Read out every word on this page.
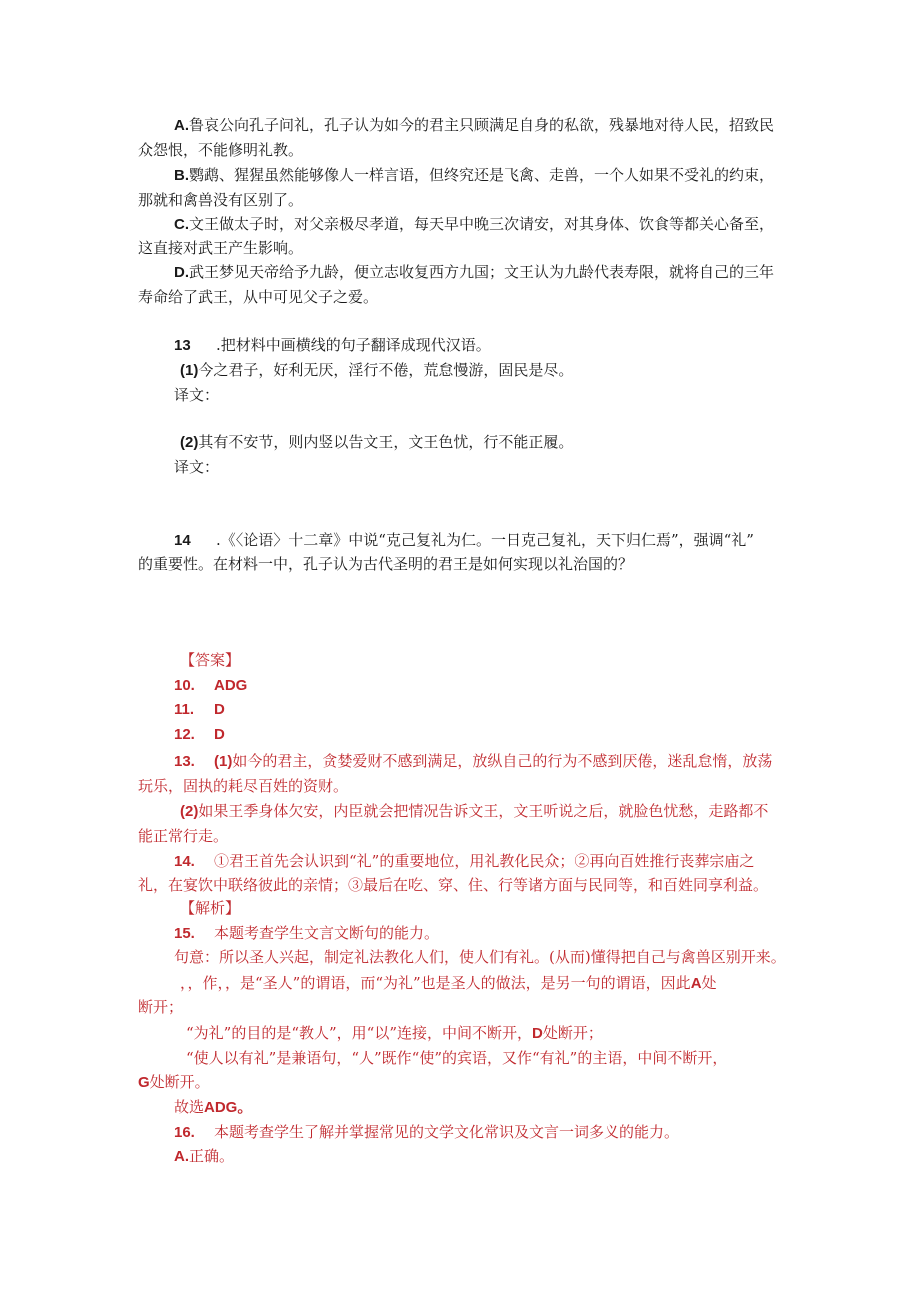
A.鲁哀公向孔子问礼，孔子认为如今的君主只顾满足自身的私欲，残暴地对待人民，招致民
众怨恨，不能修明礼教。
B.鹦鹉、猩猩虽然能够像人一样言语，但终究还是飞禽、走兽，一个人如果不受礼的约束，
那就和禽兽没有区别了。
C.文王做太子时，对父亲极尽孝道，每天早中晚三次请安，对其身体、饮食等都关心备至，
这直接对武王产生影响。
D.武王梦见天帝给予九龄，便立志收复西方九国；文王认为九龄代表寿限，就将自己的三年
寿命给了武王，从中可见父子之爱。
13 .把材料中画横线的句子翻译成现代汉语。
(1)今之君子，好利无厌，淫行不倦，荒怠慢游，固民是尽。
译文：
(2)其有不安节，则内竖以告文王，文王色忧，行不能正履。
译文：
14 .《〈论语〉十二章》中说“克己复礼为仁。一日克己复礼，天下归仁焉”，强调“礼”
的重要性。在材料一中，孔子认为古代圣明的君王是如何实现以礼治国的？
【答案】
10. ADG
11. D
12. D
13. (1)如今的君主，贪婪爱财不感到满足，放纵自己的行为不感到厌倦，迷乱怠惰，放荡
玩乐，固执的耗尽百姓的资财。
(2)如果王季身体欠安，内臣就会把情况告诉文王，文王听说之后，就脸色忧愁，走路都不
能正常行走。
14. ①君王首先会认识到“礼”的重要地位，用礼教化民众；②再向百姓推行丧葬宗庙之
礼，在宴饮中联络彼此的亲情；③最后在吃、穿、住、行等诸方面与民同等，和百姓同享利益。
【解析】
15. 本题考查学生文言文断句的能力。
句意：所以圣人兴起，制定礼法教化人们，使人们有礼。(从而)懂得把自己与禽兽区别开来。
，，作，，是“圣人”的谓语，而“为礼”也是圣人的做法，是另一句的谓语，因此A处
断开；
“为礼”的目的是“教人”，用“以”连接，中间不断开，D处断开；
“使人以有礼”是兼语句，“人”既作“使”的宾语，又作“有礼”的主语，中间不断开，
G处断开。
故选ADG。
16. 本题考查学生了解并掌握常见的文学文化常识及文言一词多义的能力。
A.正确。
